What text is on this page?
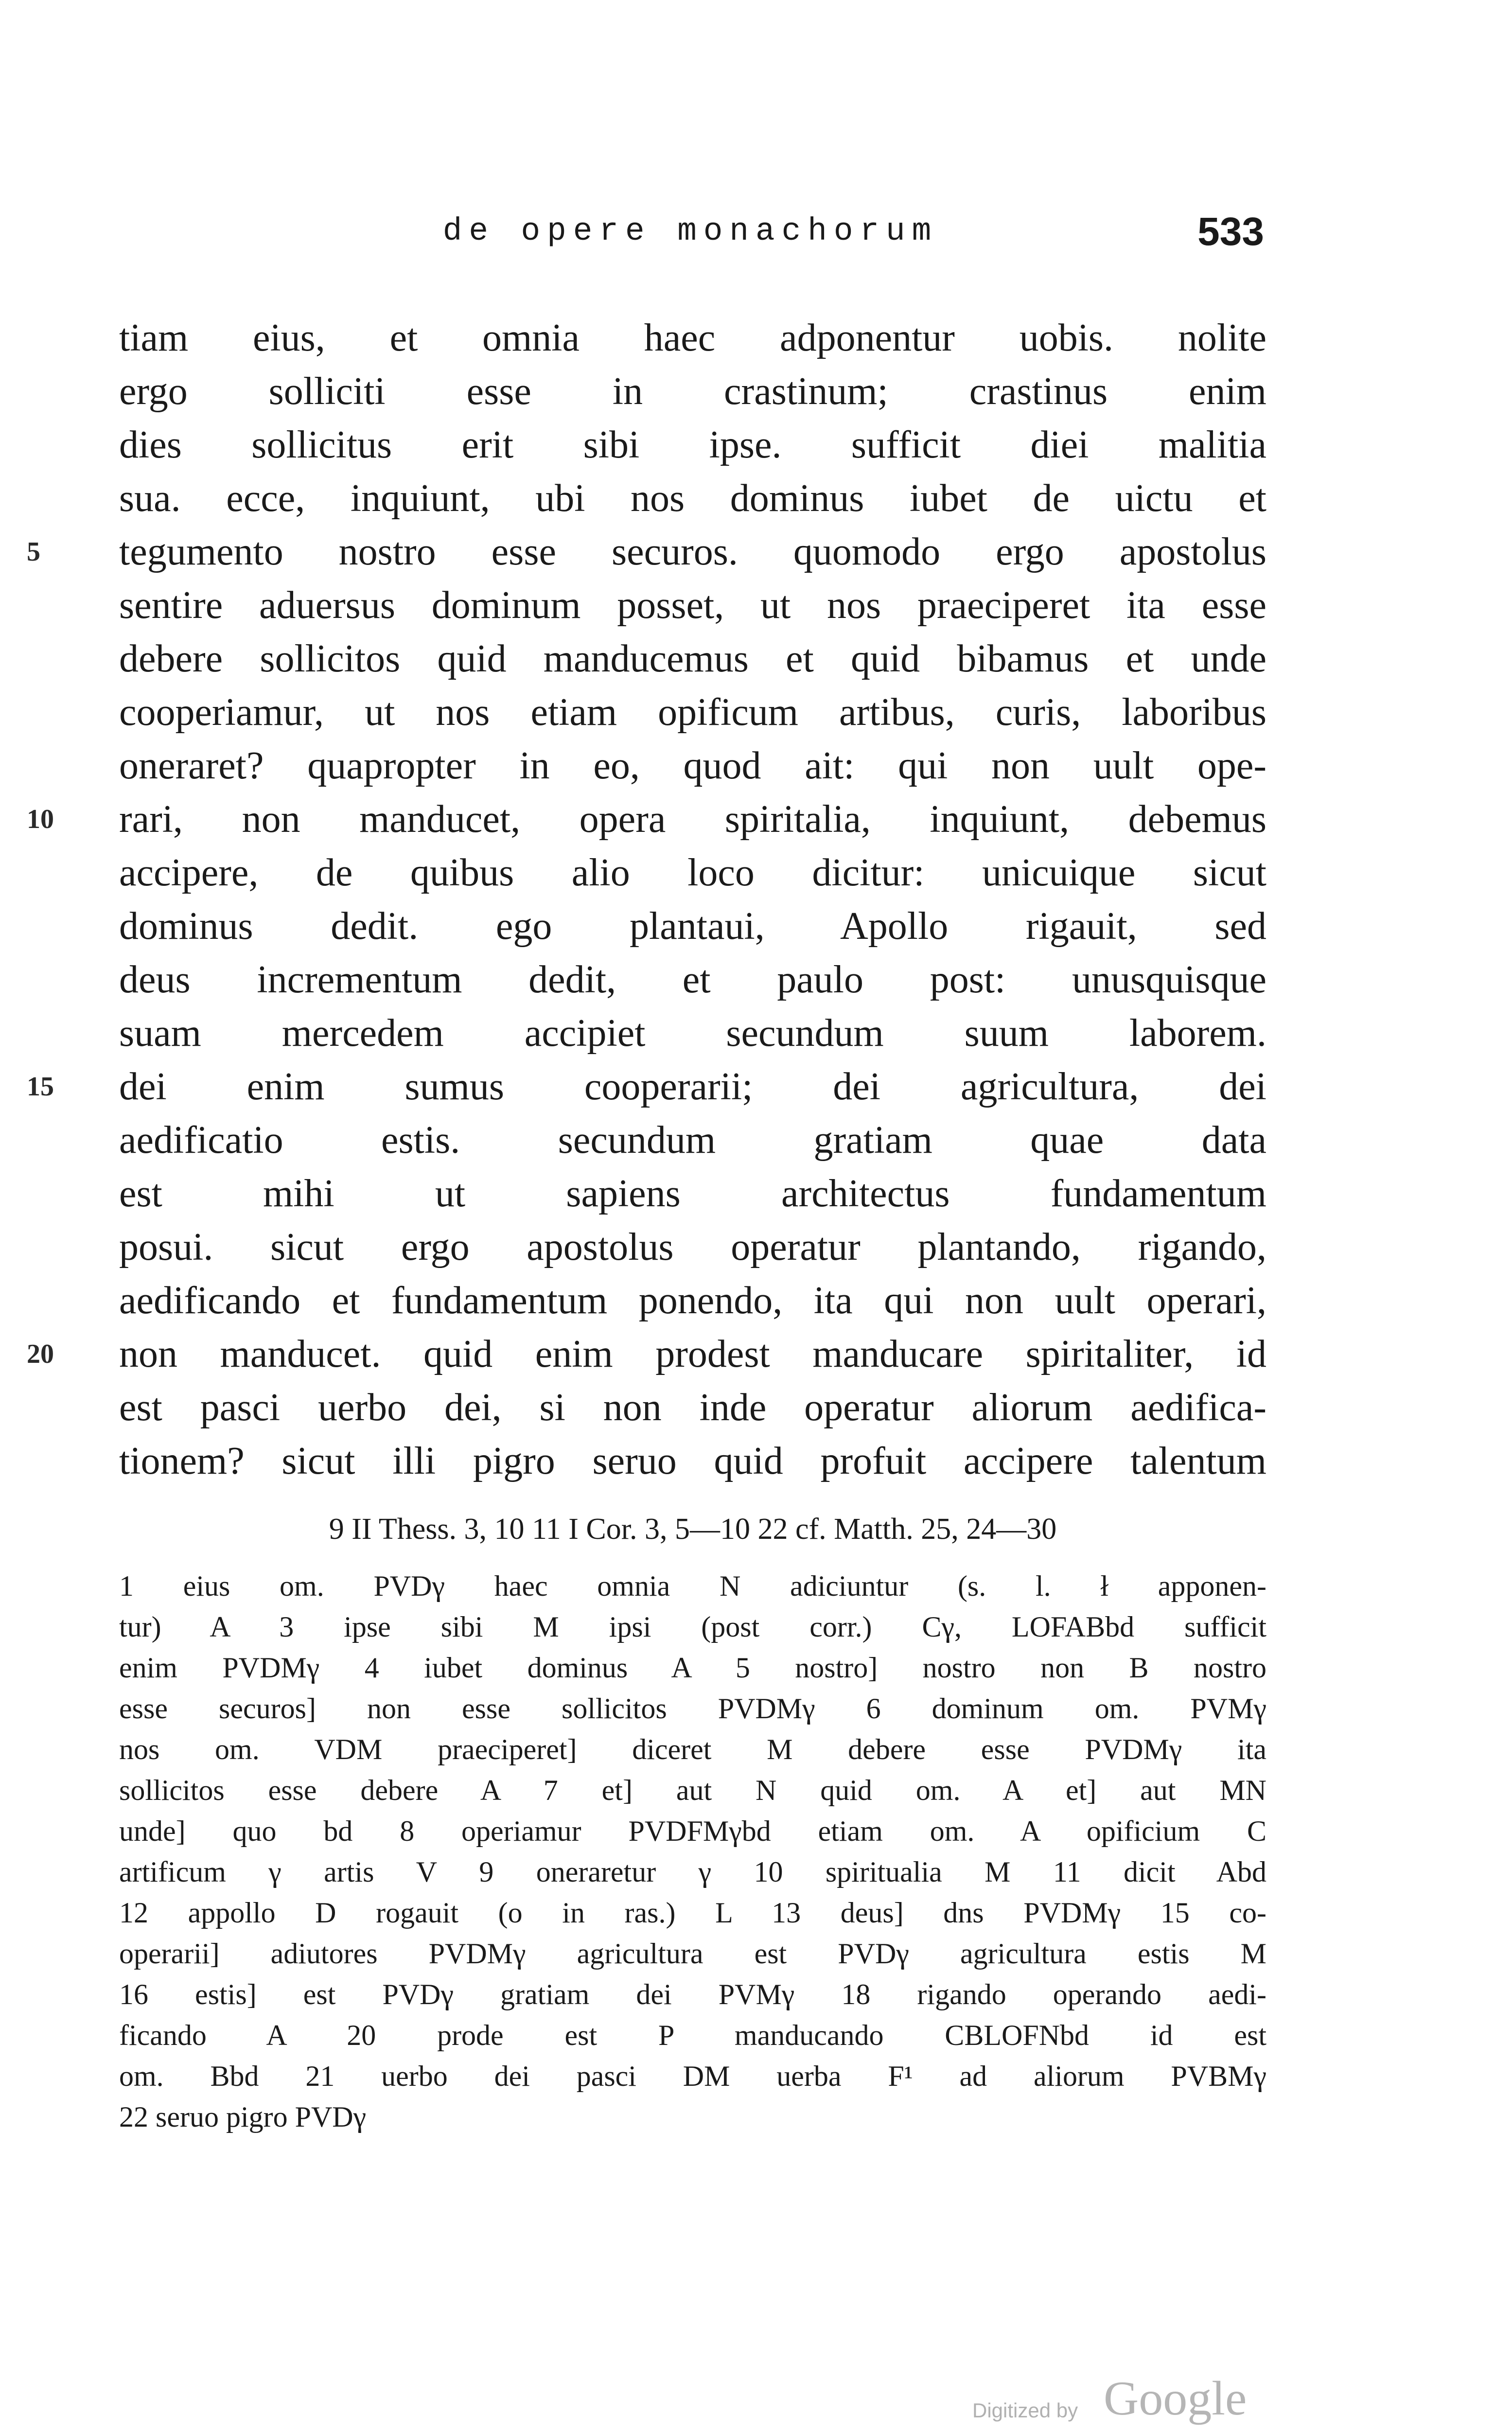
de opere monachorum	533
tiam eius, et omnia haec adponentur uobis. nolite
ergo solliciti esse in crastinum; crastinus enim
dies sollicitus erit sibi ipse. sufficit diei malitia
sua. ecce, inquiunt, ubi nos dominus iubet de uictu et
5	tegumento nostro esse securos. quomodo ergo apostolus
sentire aduersus dominum posset, ut nos praeciperet ita esse
debere sollicitos quid manducemus et quid bibamus et unde
cooperiamur, ut nos etiam opificum artibus, curis, laboribus
oneraret? quapropter in eo, quod ait: qui non uult ope-
10	rari, non manducet, opera spiritalia, inquiunt, debemus
accipere, de quibus alio loco dicitur: unicuique sicut
dominus dedit. ego plantaui, Apollo rigauit, sed
deus incrementum dedit, et paulo post: unusquisque
suam mercedem accipiet secundum suum laborem.
15	dei enim sumus cooperarii; dei agricultura, dei
aedificatio estis. secundum gratiam quae data
est mihi ut sapiens architectus fundamentum
posui. sicut ergo apostolus operatur plantando, rigando,
aedificando et fundamentum ponendo, ita qui non uult operari,
20	non manducet. quid enim prodest manducare spiritaliter, id
est pasci uerbo dei, si non inde operatur aliorum aedifica-
tionem? sicut illi pigro seruo quid profuit accipere talentum
9 II Thess. 3, 10 11 I Cor. 3, 5—10 22 cf. Matth. 25, 24—30
1 eius om. PVDγ haec omnia N adiciuntur (s. l. ł apponen-
tur) A 3 ipse sibi M ipsi (post corr.) Cγ, LOFABbd sufficit
enim PVDMγ 4 iubet dominus A 5 nostro] nostro non B nostro
esse securos] non esse sollicitos PVDMγ 6 dominum om. PVMγ
nos om. VDM praeciperet] diceret M debere esse PVDMγ ita
sollicitos esse debere A 7 et] aut N quid om. A et] aut MN
unde] quo bd 8 operiamur PVDFMγbd etiam om. A opificium C
artificum γ artis V 9 oneraretur γ 10 spiritualia M 11 dicit Abd
12 appollo D rogauit (o in ras.) L 13 deus] dns PVDMγ 15 co-
operarii] adiutores PVDMγ agricultura est PVDγ agricultura estis M
16 estis] est PVDγ gratiam dei PVMγ 18 rigando operando aedi-
ficando A 20 prode est P manducando CBLOFNbd id est
om. Bbd 21 uerbo dei pasci DM uerba F¹ ad aliorum PVBMγ
22 seruo pigro PVDγ
Digitized by Google
